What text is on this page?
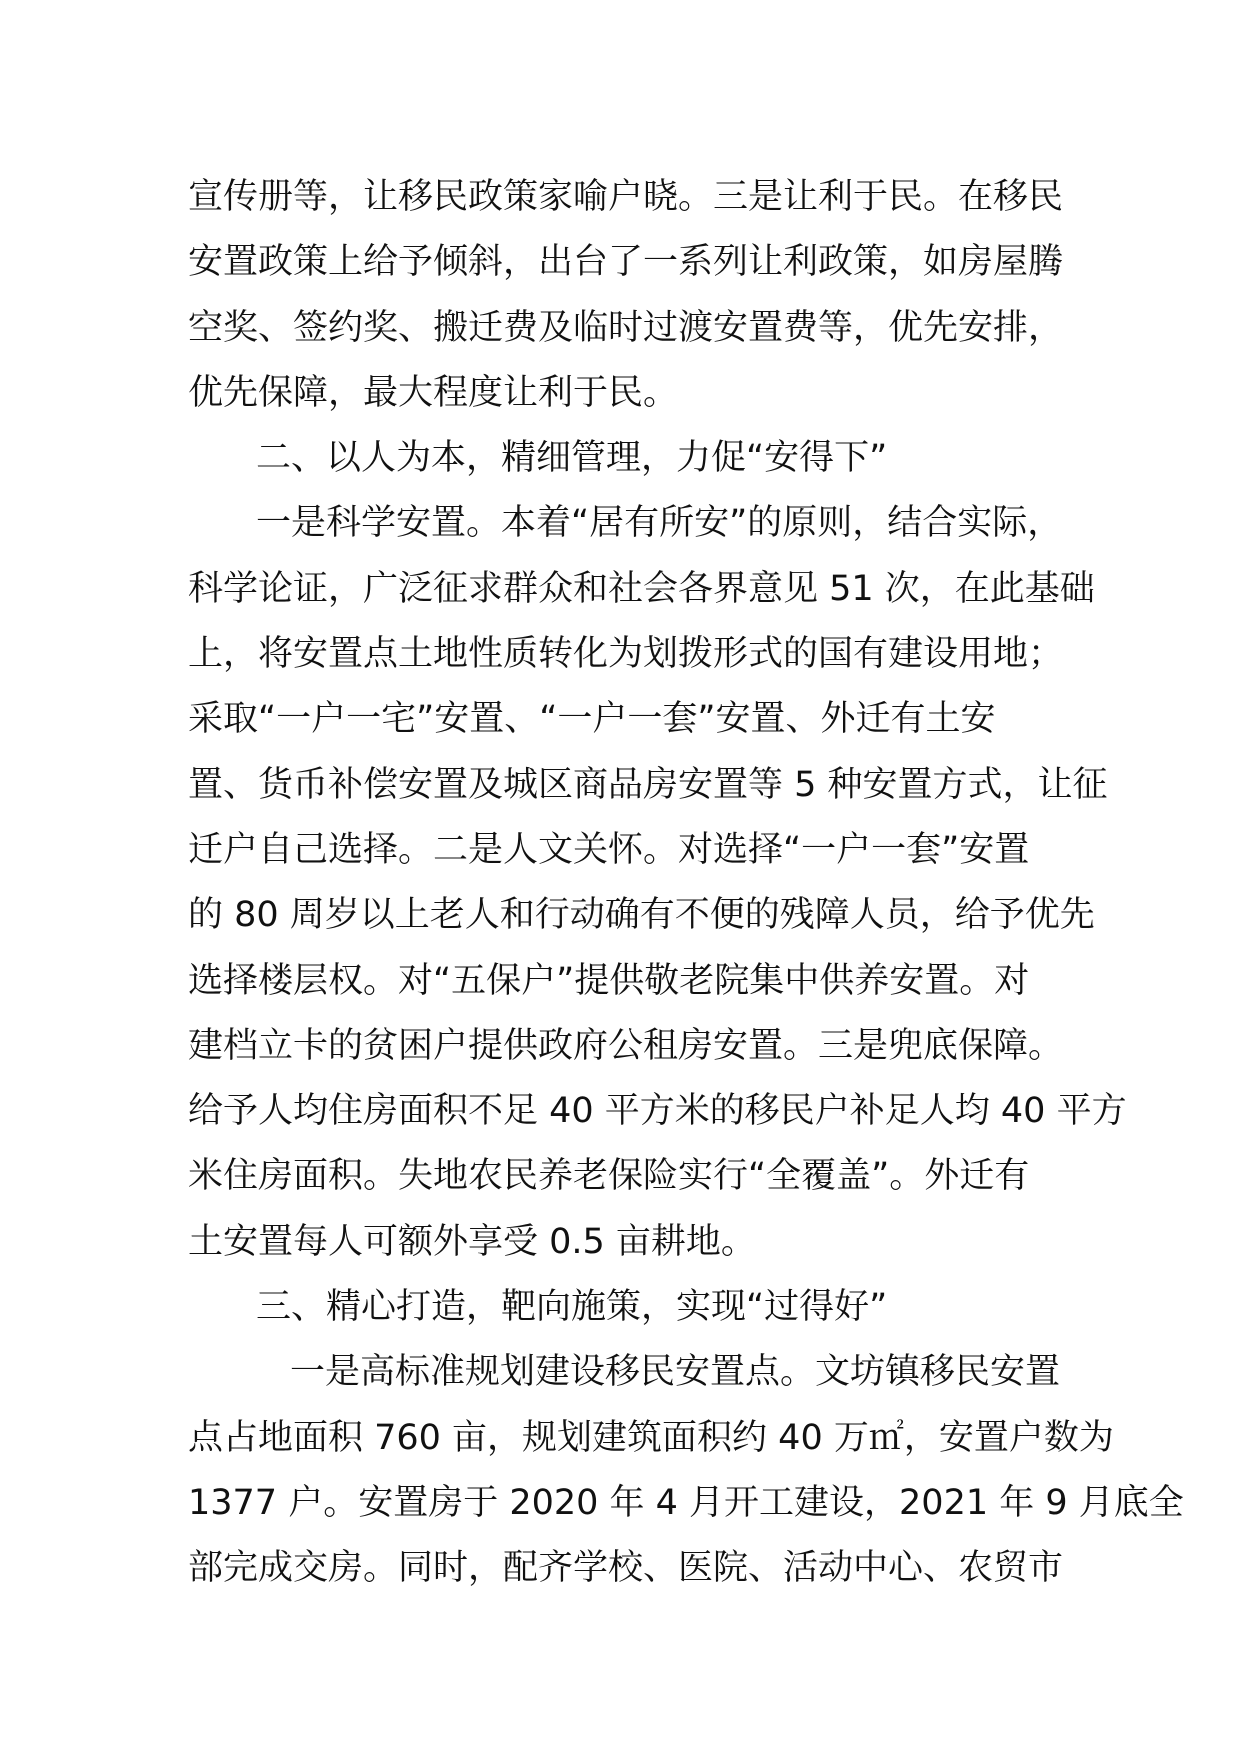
宣传册等，让移民政策家喻户晓。三是让利于民。在移民
安置政策上给予倾斜，出台了一系列让利政策，如房屋腾
空奖、签约奖、搬迁费及临时过渡安置费等，优先安排，
优先保障，最大程度让利于民。
二、以人为本，精细管理，力促“安得下”
一是科学安置。本着“居有所安”的原则，结合实际，
科学论证，广泛征求群众和社会各界意见 51 次，在此基础
上，将安置点土地性质转化为划拨形式的国有建设用地；
采取“一户一宅”安置、“一户一套”安置、外迁有土安
置、货币补偿安置及城区商品房安置等 5 种安置方式，让征
迁户自己选择。二是人文关怀。对选择“一户一套”安置
的 80 周岁以上老人和行动确有不便的残障人员，给予优先
选择楼层权。对“五保户”提供敬老院集中供养安置。对
建档立卡的贫困户提供政府公租房安置。三是兜底保障。
给予人均住房面积不足 40 平方米的移民户补足人均 40 平方
米住房面积。失地农民养老保险实行“全覆盖”。外迁有
土安置每人可额外享受 0.5 亩耕地。
三、精心打造，靶向施策，实现“过得好”
一是高标准规划建设移民安置点。文坊镇移民安置
点占地面积 760 亩，规划建筑面积约 40 万㎡，安置户数为
1377 户。安置房于 2020 年 4 月开工建设，2021 年 9 月底全
部完成交房。同时，配齐学校、医院、活动中心、农贸市
